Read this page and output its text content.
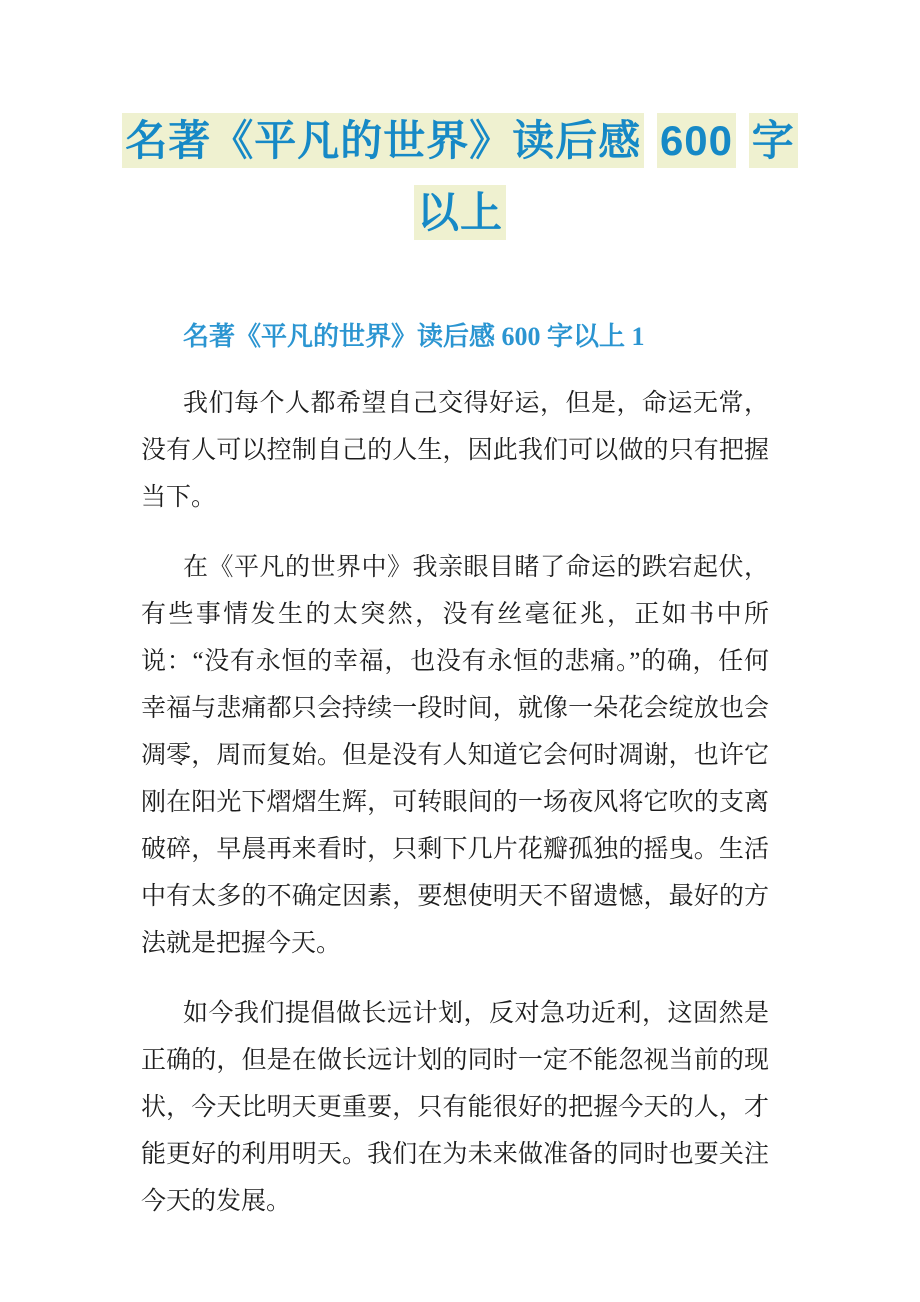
名著《平凡的世界》读后感 600 字
以上
名著《平凡的世界》读后感 600 字以上 1

我们每个人都希望自己交得好运，但是，命运无常，没有人可以控制自己的人生，因此我们可以做的只有把握当下。

在《平凡的世界中》我亲眼目睹了命运的跌宕起伏，有些事情发生的太突然，没有丝毫征兆，正如书中所说：“没有永恒的幸福，也没有永恒的悲痛。”的确，任何幸福与悲痛都只会持续一段时间，就像一朵花会绽放也会凋零，周而复始。但是没有人知道它会何时凋谢，也许它刚在阳光下熠熠生辉，可转眼间的一场夜风将它吹的支离破碎，早晨再来看时，只剩下几片花瓣孤独的摇曳。生活中有太多的不确定因素，要想使明天不留遗憾，最好的方法就是把握今天。

如今我们提倡做长远计划，反对急功近利，这固然是正确的，但是在做长远计划的同时一定不能忽视当前的现状，今天比明天更重要，只有能很好的把握今天的人，才能更好的利用明天。我们在为未来做准备的同时也要关注今天的发展。
